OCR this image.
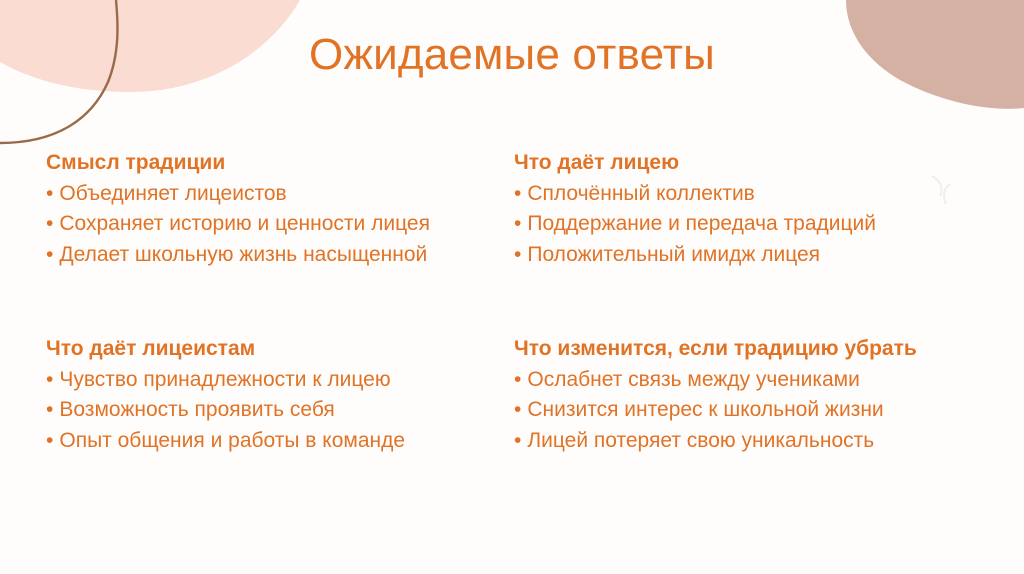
Ожидаемые ответы
Смысл традиции
• Объединяет лицеистов
• Сохраняет историю и ценности лицея
• Делает школьную жизнь насыщенной
Что даёт лицею
• Сплочённый коллектив
• Поддержание и передача традиций
• Положительный имидж лицея
Что даёт лицеистам
• Чувство принадлежности к лицею
• Возможность проявить себя
• Опыт общения и работы в команде
Что изменится, если традицию убрать
• Ослабнет связь между учениками
• Снизится интерес к школьной жизни
• Лицей потеряет свою уникальность
